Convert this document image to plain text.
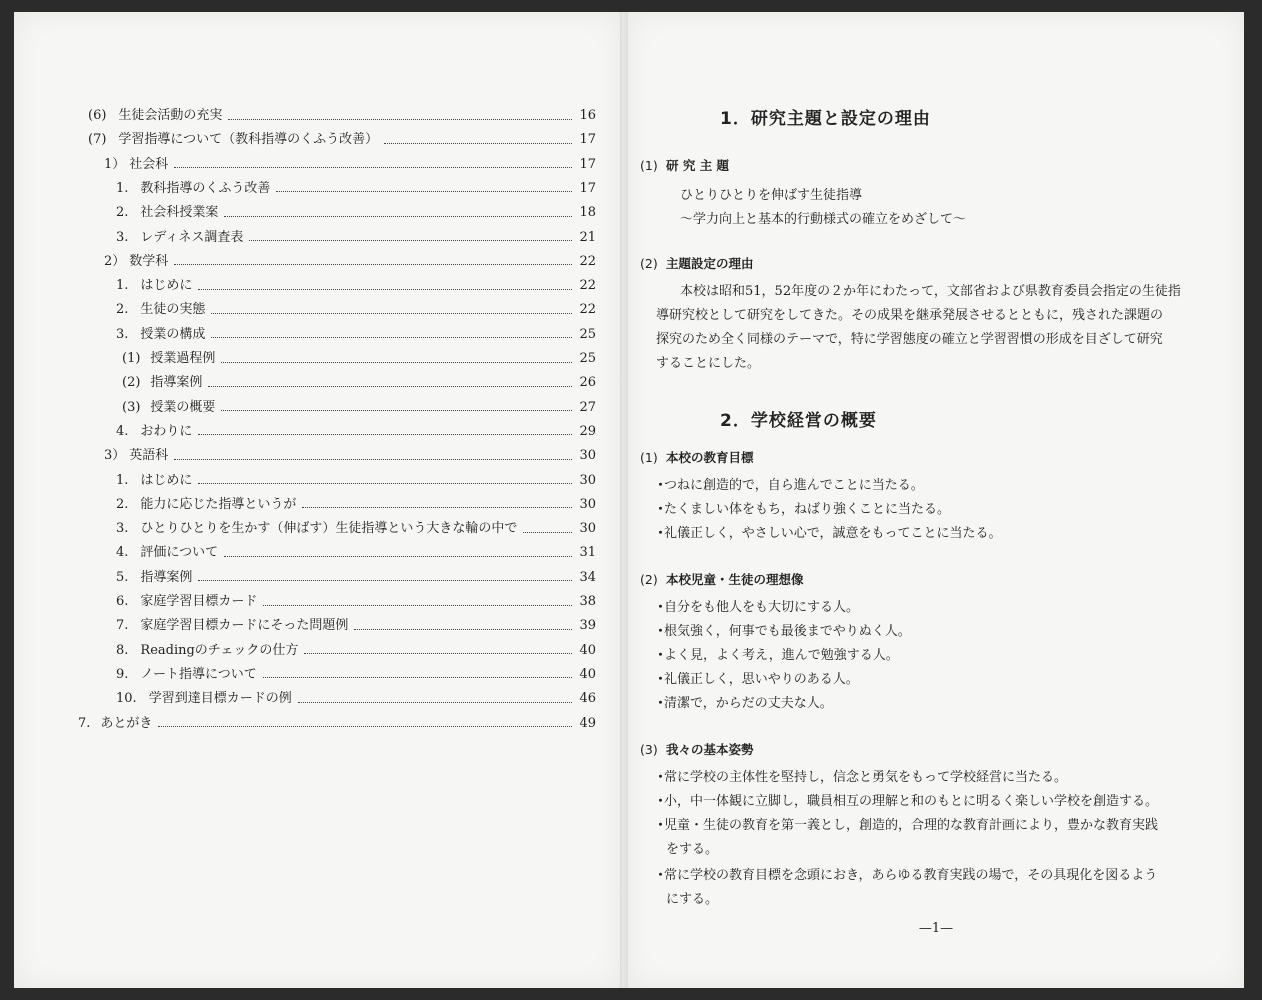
(6) 生徒会活動の充実	16
(7) 学習指導について（教科指導のくふう改善）	17
1） 社会科	17
1. 教科指導のくふう改善	17
2. 社会科授業案	18
3. レディネス調査表	21
2） 数学科	22
1. はじめに	22
2. 生徒の実態	22
3. 授業の構成	25
(1) 授業過程例	25
(2) 指導案例	26
(3) 授業の概要	27
4. おわりに	29
3） 英語科	30
1. はじめに	30
2. 能力に応じた指導というが	30
3. ひとりひとりを生かす（伸ばす）生徒指導という大きな輪の中で	30
4. 評価について	31
5. 指導案例	34
6. 家庭学習目標カード	38
7. 家庭学習目標カードにそった問題例	39
8. Readingのチェックの仕方	40
9. ノート指導について	40
10. 学習到達目標カードの例	46
7. あとがき	49
1．研究主題と設定の理由
(1) 研 究 主 題
ひとりひとりを伸ばす生徒指導
〜学力向上と基本的行動様式の確立をめざして〜
(2) 主題設定の理由
本校は昭和51，52年度の２か年にわたって，文部省および県教育委員会指定の生徒指
導研究校として研究をしてきた。その成果を継承発展させるとともに，残された課題の
探究のため全く同様のテーマで，特に学習態度の確立と学習習慣の形成を目ざして研究
することにした。
2．学校経営の概要
(1) 本校の教育目標
・つねに創造的で，自ら進んでことに当たる。
・たくましい体をもち，ねばり強くことに当たる。
・礼儀正しく，やさしい心で，誠意をもってことに当たる。
(2) 本校児童・生徒の理想像
・自分をも他人をも大切にする人。
・根気強く，何事でも最後までやりぬく人。
・よく見，よく考え，進んで勉強する人。
・礼儀正しく，思いやりのある人。
・清潔で，からだの丈夫な人。
(3) 我々の基本姿勢
・常に学校の主体性を堅持し，信念と勇気をもって学校経営に当たる。
・小，中一体観に立脚し，職員相互の理解と和のもとに明るく楽しい学校を創造する。
・児童・生徒の教育を第一義とし，創造的，合理的な教育計画により，豊かな教育実践
をする。
・常に学校の教育目標を念頭におき，あらゆる教育実践の場で，その具現化を図るよう
にする。
—1—
